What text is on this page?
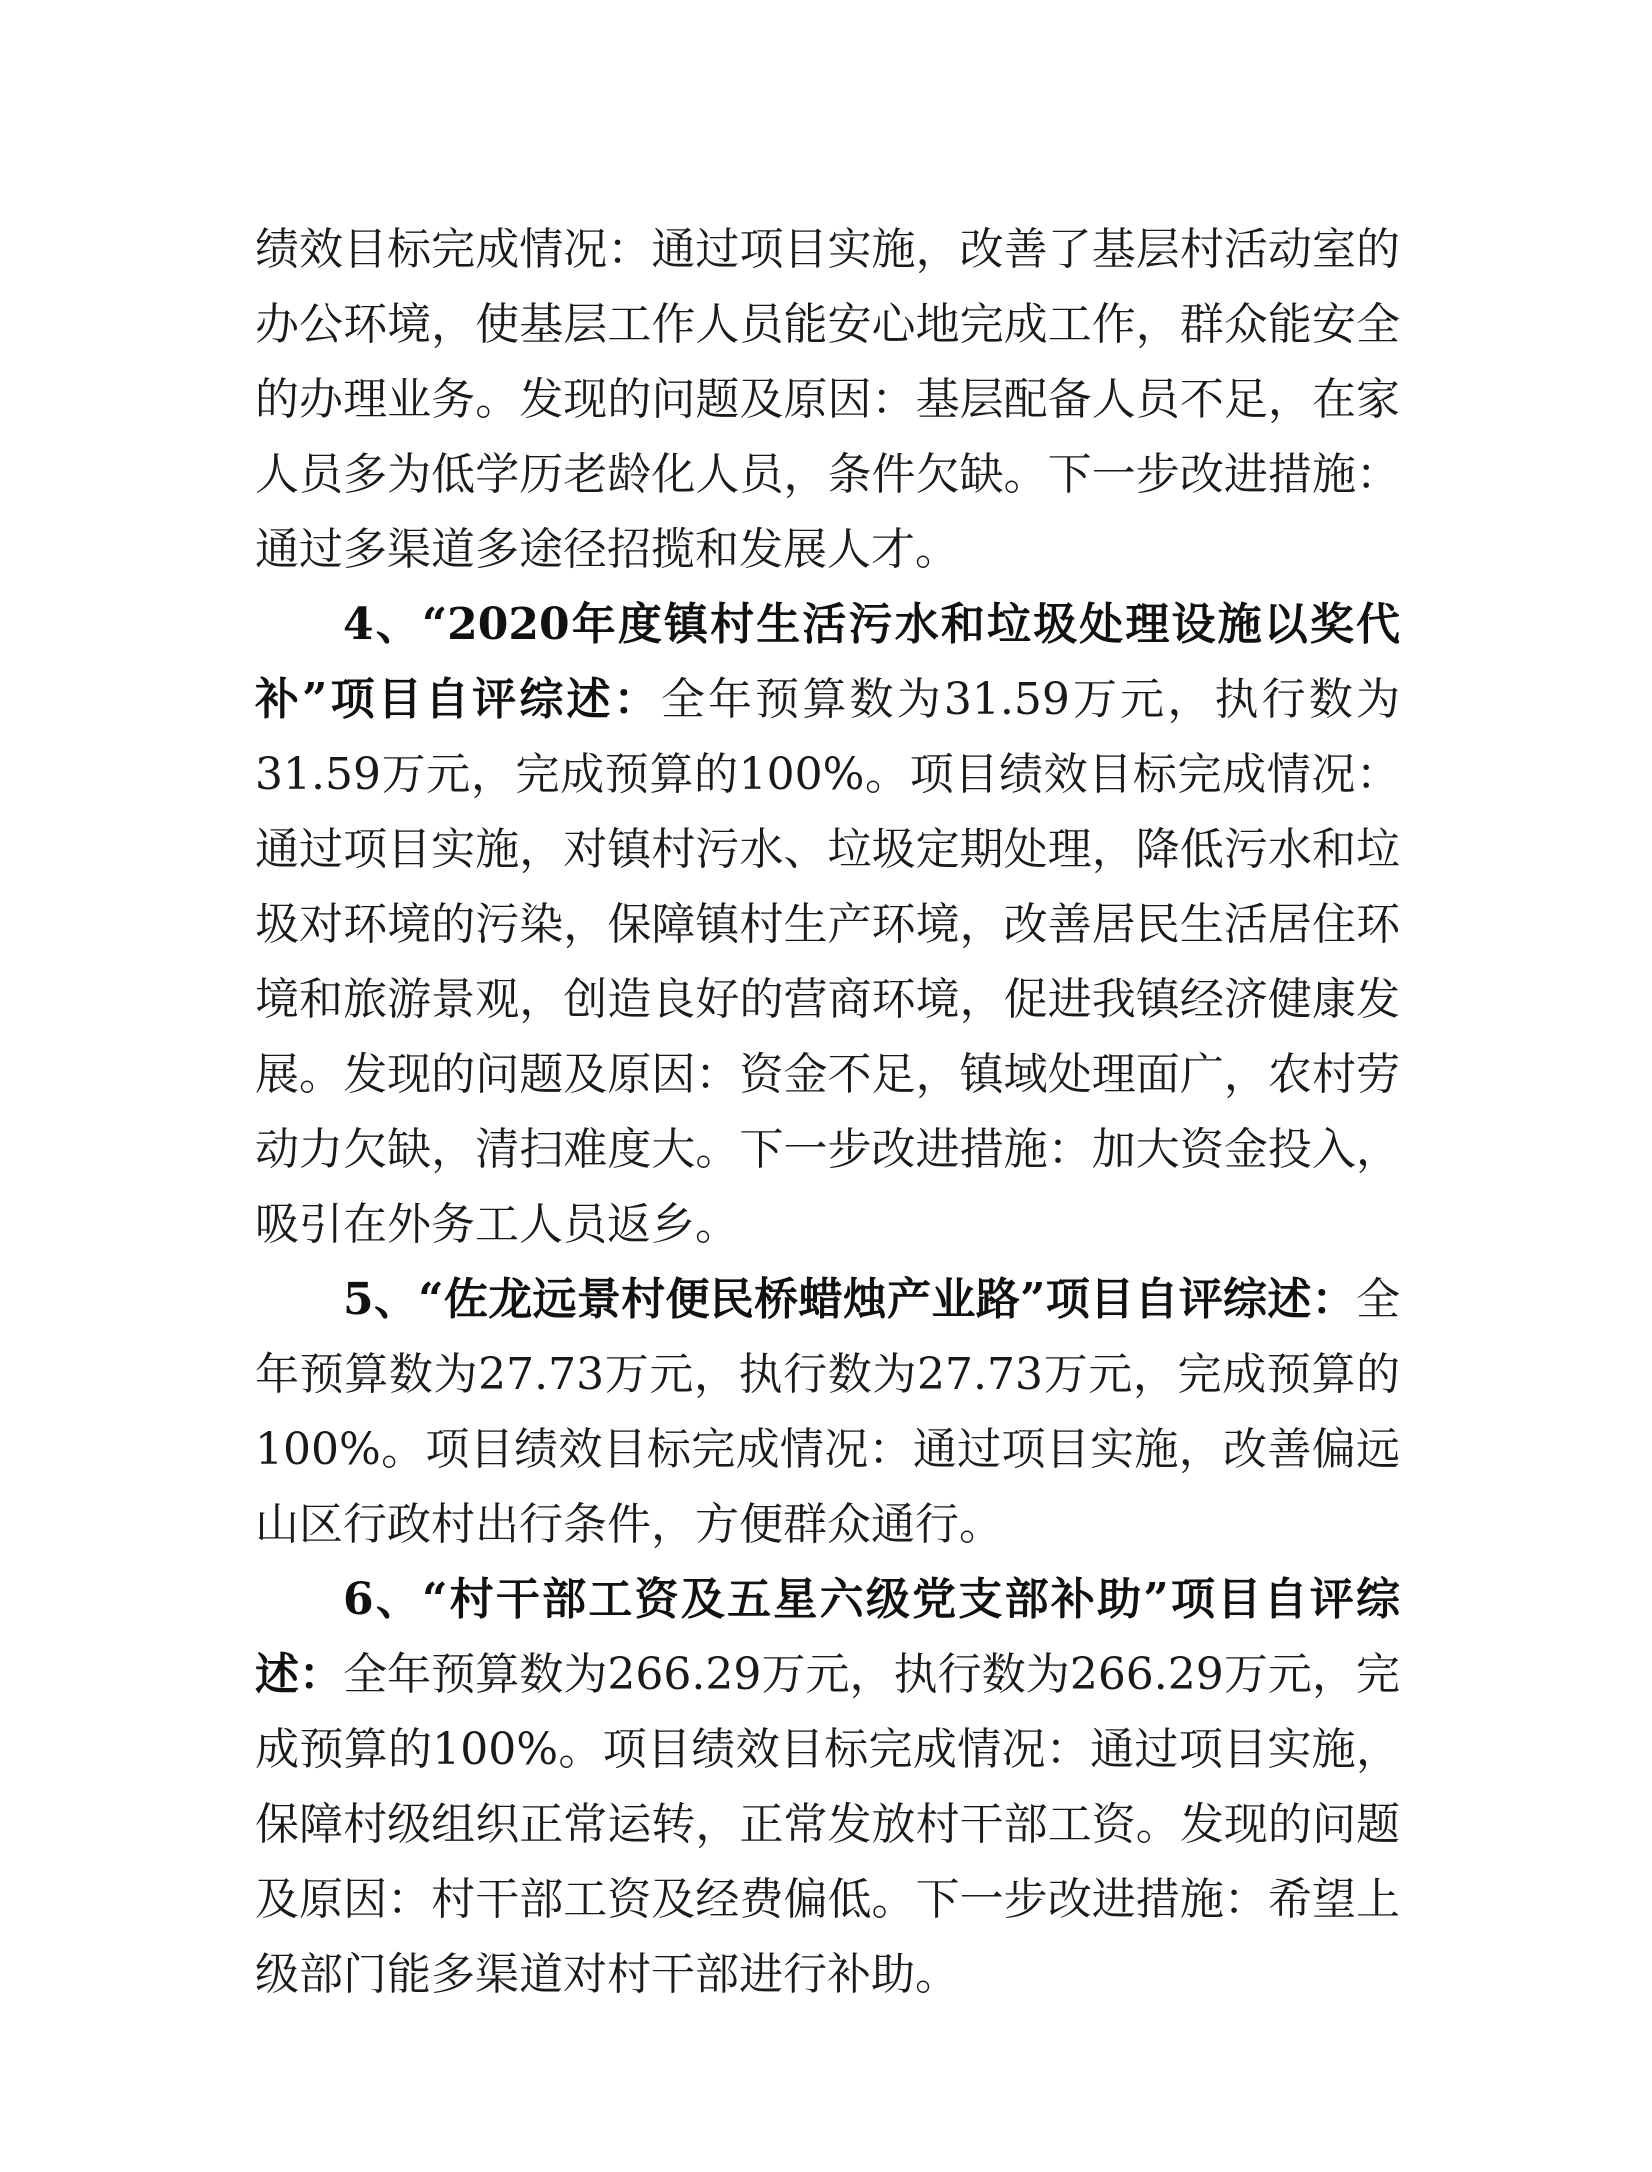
绩效目标完成情况：通过项目实施，改善了基层村活动室的办公环境，使基层工作人员能安心地完成工作，群众能安全的办理业务。发现的问题及原因：基层配备人员不足，在家人员多为低学历老龄化人员，条件欠缺。下一步改进措施：通过多渠道多途径招揽和发展人才。

4、“2020年度镇村生活污水和垃圾处理设施以奖代补”项目自评综述：全年预算数为31.59万元，执行数为31.59万元，完成预算的100%。项目绩效目标完成情况：通过项目实施，对镇村污水、垃圾定期处理，降低污水和垃圾对环境的污染，保障镇村生产环境，改善居民生活居住环境和旅游景观，创造良好的营商环境，促进我镇经济健康发展。发现的问题及原因：资金不足，镇域处理面广，农村劳动力欠缺，清扫难度大。下一步改进措施：加大资金投入，吸引在外务工人员返乡。

5、“佐龙远景村便民桥蜡烛产业路”项目自评综述：全年预算数为27.73万元，执行数为27.73万元，完成预算的100%。项目绩效目标完成情况：通过项目实施，改善偏远山区行政村出行条件，方便群众通行。

6、“村干部工资及五星六级党支部补助”项目自评综述：全年预算数为266.29万元，执行数为266.29万元，完成预算的100%。项目绩效目标完成情况：通过项目实施，保障村级组织正常运转，正常发放村干部工资。发现的问题及原因：村干部工资及经费偏低。下一步改进措施：希望上级部门能多渠道对村干部进行补助。
